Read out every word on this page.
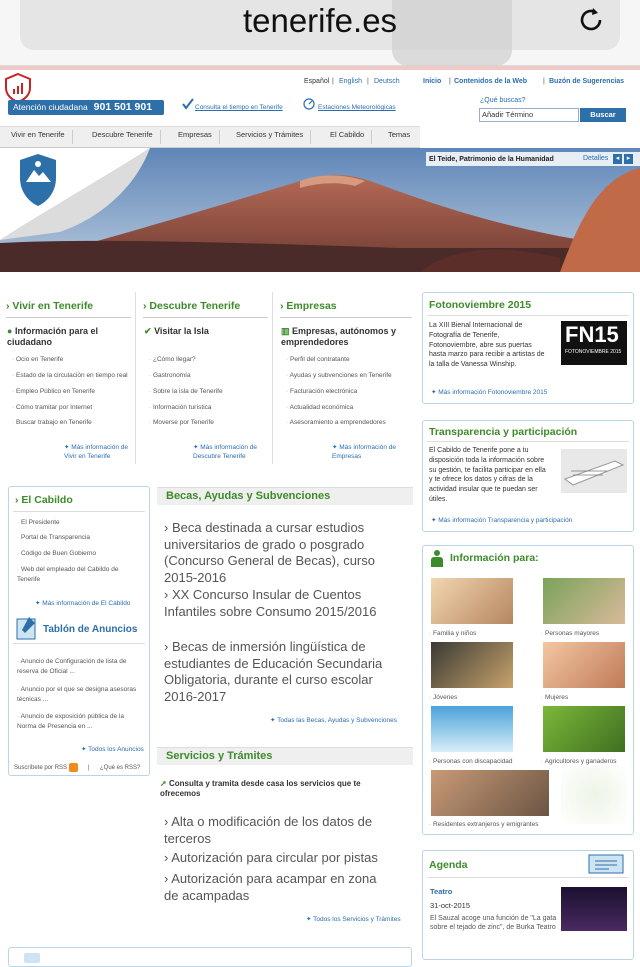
tenerife.es
Español | English | Deutsch	Inicio | Contenidos de la Web | Buzón de Sugerencias
Atención ciudadana 901 501 901	Consulta el tiempo en Tenerife	Estaciones Meteorológicas
¿Qué buscas?
Añadir Término	Buscar
Vivir en Tenerife	Descubre Tenerife	Empresas	Servicios y Trámites	El Cabildo	Temas
El Teide, Patrimonio de la Humanidad	Detalles	◂	▸
› Vivir en Tenerife
● Información para el ciudadano
· Ocio en Tenerife
· Estado de la circulación en tiempo real
· Empleo Público en Tenerife
· Cómo tramitar por Internet
· Buscar trabajo en Tenerife
✦ Más información de Vivir en Tenerife
› Descubre Tenerife
✔ Visitar la Isla
· ¿Cómo llegar?
· Gastronomía
· Sobre la isla de Tenerife
· Información turística
· Moverse por Tenerife
✦ Más información de Descubre Tenerife
› Empresas
▥ Empresas, autónomos y emprendedores
· Perfil del contratante
· Ayudas y subvenciones en Tenerife
· Facturación electrónica
· Actualidad económica
· Asesoramiento a emprendedores
✦ Más información de Empresas
Fotonoviembre 2015
La XIII Bienal Internacional de Fotografía de Tenerife, Fotonoviembre, abre sus puertas hasta marzo para recibir a artistas de la talla de Vanessa Winship.
FN15
FOTONOVIEMBRE 2015
✦ Más información Fotonoviembre 2015
Transparencia y participación
El Cabildo de Tenerife pone a tu disposición toda la información sobre su gestión, te facilita participar en ella y te ofrece los datos y cifras de la actividad insular que te puedan ser útiles.
✦ Más información Transparencia y participación
› El Cabildo
· El Presidente
· Portal de Transparencia
· Código de Buen Gobierno
· Web del empleado del Cabildo de Tenerife
✦ Más información de El Cabildo
Tablón de Anuncios
· Anuncio de Configuración de lista de reserva de Oficial ...
· Anuncio por el que se designa asesoras técnicas ...
· Anuncio de exposición pública de la Norma de Presencia en ...
✦ Todos los Anuncios
Suscríbete por RSS	| ¿Qué es RSS?
Becas, Ayudas y Subvenciones
› Beca destinada a cursar estudios universitarios de grado o posgrado (Concurso General de Becas), curso 2015-2016
› XX Concurso Insular de Cuentos Infantiles sobre Consumo 2015/2016
› Becas de inmersión lingüística de estudiantes de Educación Secundaria Obligatoria, durante el curso escolar 2016-2017
✦ Todas las Becas, Ayudas y Subvenciones
Servicios y Trámites
➚ Consulta y tramita desde casa los servicios que te ofrecemos
› Alta o modificación de los datos de terceros
› Autorización para circular por pistas
› Autorización para acampar en zona de acampadas
✦ Todos los Servicios y Trámites
Información para:
· Familia y niños	· Personas mayores
· Jóvenes	· Mujeres
· Personas con discapacidad	· Agricultores y ganaderos
· Residentes extranjeros y emigrantes
Agenda
Teatro
31-oct-2015
El Sauzal acoge una función de "La gata sobre el tejado de zinc", de Burka Teatro
